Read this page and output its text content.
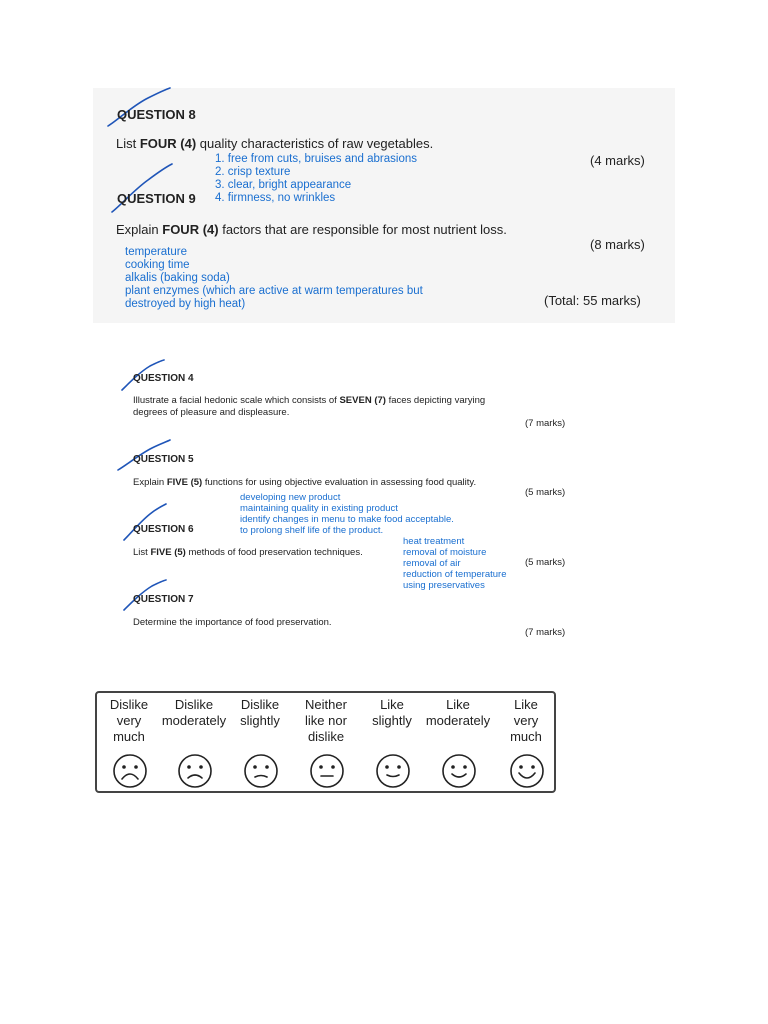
QUESTION 8
List FOUR (4) quality characteristics of raw vegetables.
(4 marks)
1. free from cuts, bruises and abrasions
2. crisp texture
3. clear, bright appearance
4. firmness, no wrinkles
QUESTION 9
Explain FOUR (4) factors that are responsible for most nutrient loss.
(8 marks)
temperature
cooking time
alkalis (baking soda)
plant enzymes (which are active at warm temperatures but
destroyed by high heat)	(Total: 55 marks)
QUESTION 4
Illustrate a facial hedonic scale which consists of SEVEN (7) faces depicting varying
degrees of pleasure and displeasure.
(7 marks)
QUESTION 5
Explain FIVE (5) functions for using objective evaluation in assessing food quality.
(5 marks)
developing new product
maintaining quality in existing product
identify changes in menu to make food acceptable.
to prolong shelf life of the product.
QUESTION 6
List FIVE (5) methods of food preservation techniques.
(5 marks)
heat treatment
removal of moisture
removal of air
reduction of temperature
using preservatives
QUESTION 7
Determine the importance of food preservation.
(7 marks)
Dislike
very
much
Dislike
moderately
Dislike
slightly
Neither
like nor
dislike
Like
slightly
Like
moderately
Like
very
much
